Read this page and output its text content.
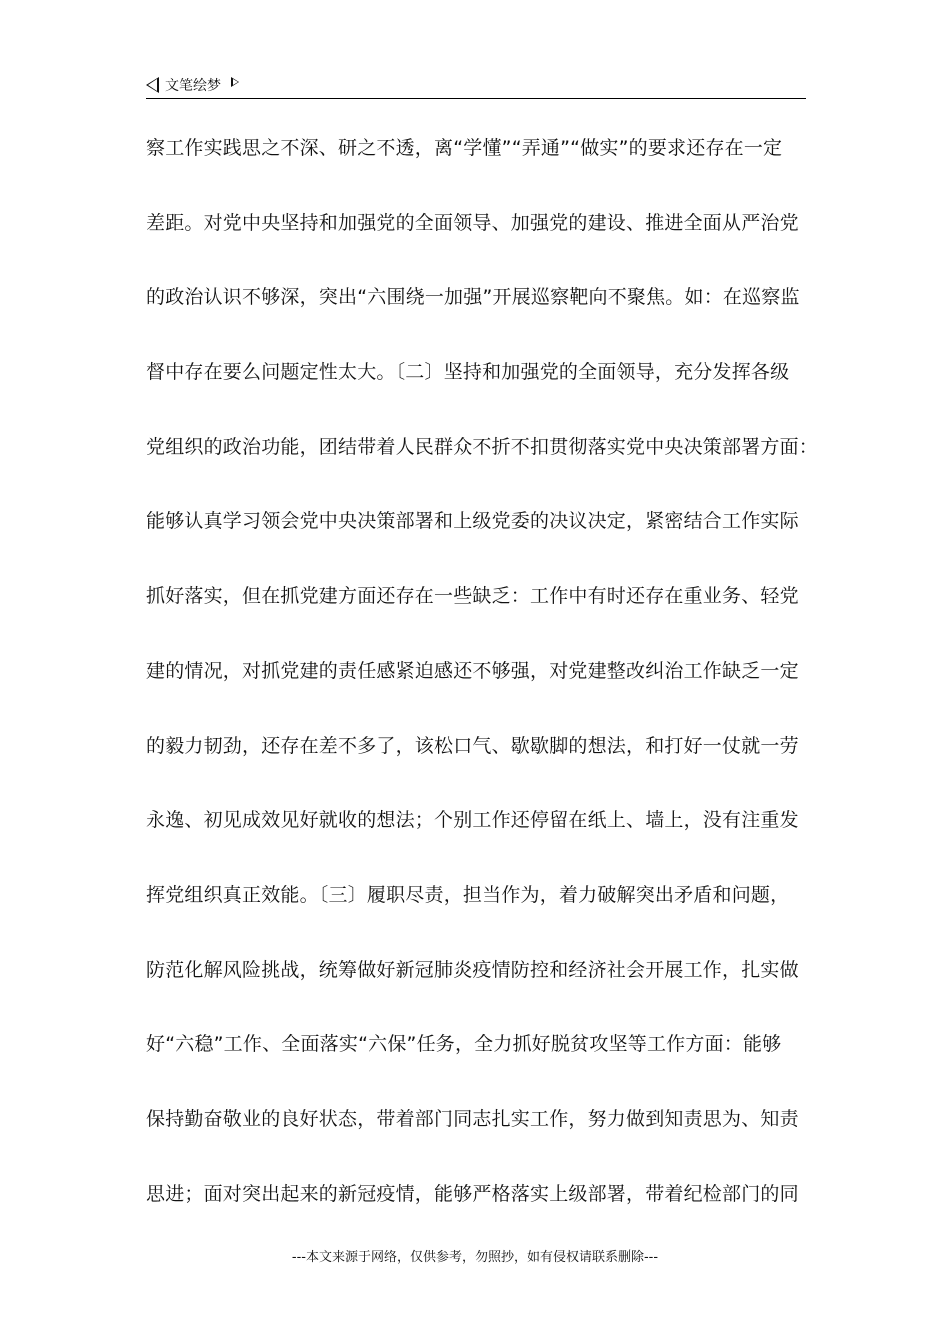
文笔绘梦
察工作实践思之不深、研之不透，离“学懂”“弄通”“做实”的要求还存在一定
差距。对党中央坚持和加强党的全面领导、加强党的建设、推进全面从严治党
的政治认识不够深，突出“六围绕一加强”开展巡察靶向不聚焦。如：在巡察监
督中存在要么问题定性太大。〔二〕坚持和加强党的全面领导，充分发挥各级
党组织的政治功能，团结带着人民群众不折不扣贯彻落实党中央决策部署方面：
能够认真学习领会党中央决策部署和上级党委的决议决定，紧密结合工作实际
抓好落实，但在抓党建方面还存在一些缺乏：工作中有时还存在重业务、轻党
建的情况，对抓党建的责任感紧迫感还不够强，对党建整改纠治工作缺乏一定
的毅力韧劲，还存在差不多了，该松口气、歇歇脚的想法，和打好一仗就一劳
永逸、初见成效见好就收的想法；个别工作还停留在纸上、墙上，没有注重发
挥党组织真正效能。〔三〕履职尽责，担当作为，着力破解突出矛盾和问题，
防范化解风险挑战，统筹做好新冠肺炎疫情防控和经济社会开展工作，扎实做
好“六稳”工作、全面落实“六保”任务，全力抓好脱贫攻坚等工作方面：能够
保持勤奋敬业的良好状态，带着部门同志扎实工作，努力做到知责思为、知责
思进；面对突出起来的新冠疫情，能够严格落实上级部署，带着纪检部门的同
---本文来源于网络，仅供参考，勿照抄，如有侵权请联系删除---
